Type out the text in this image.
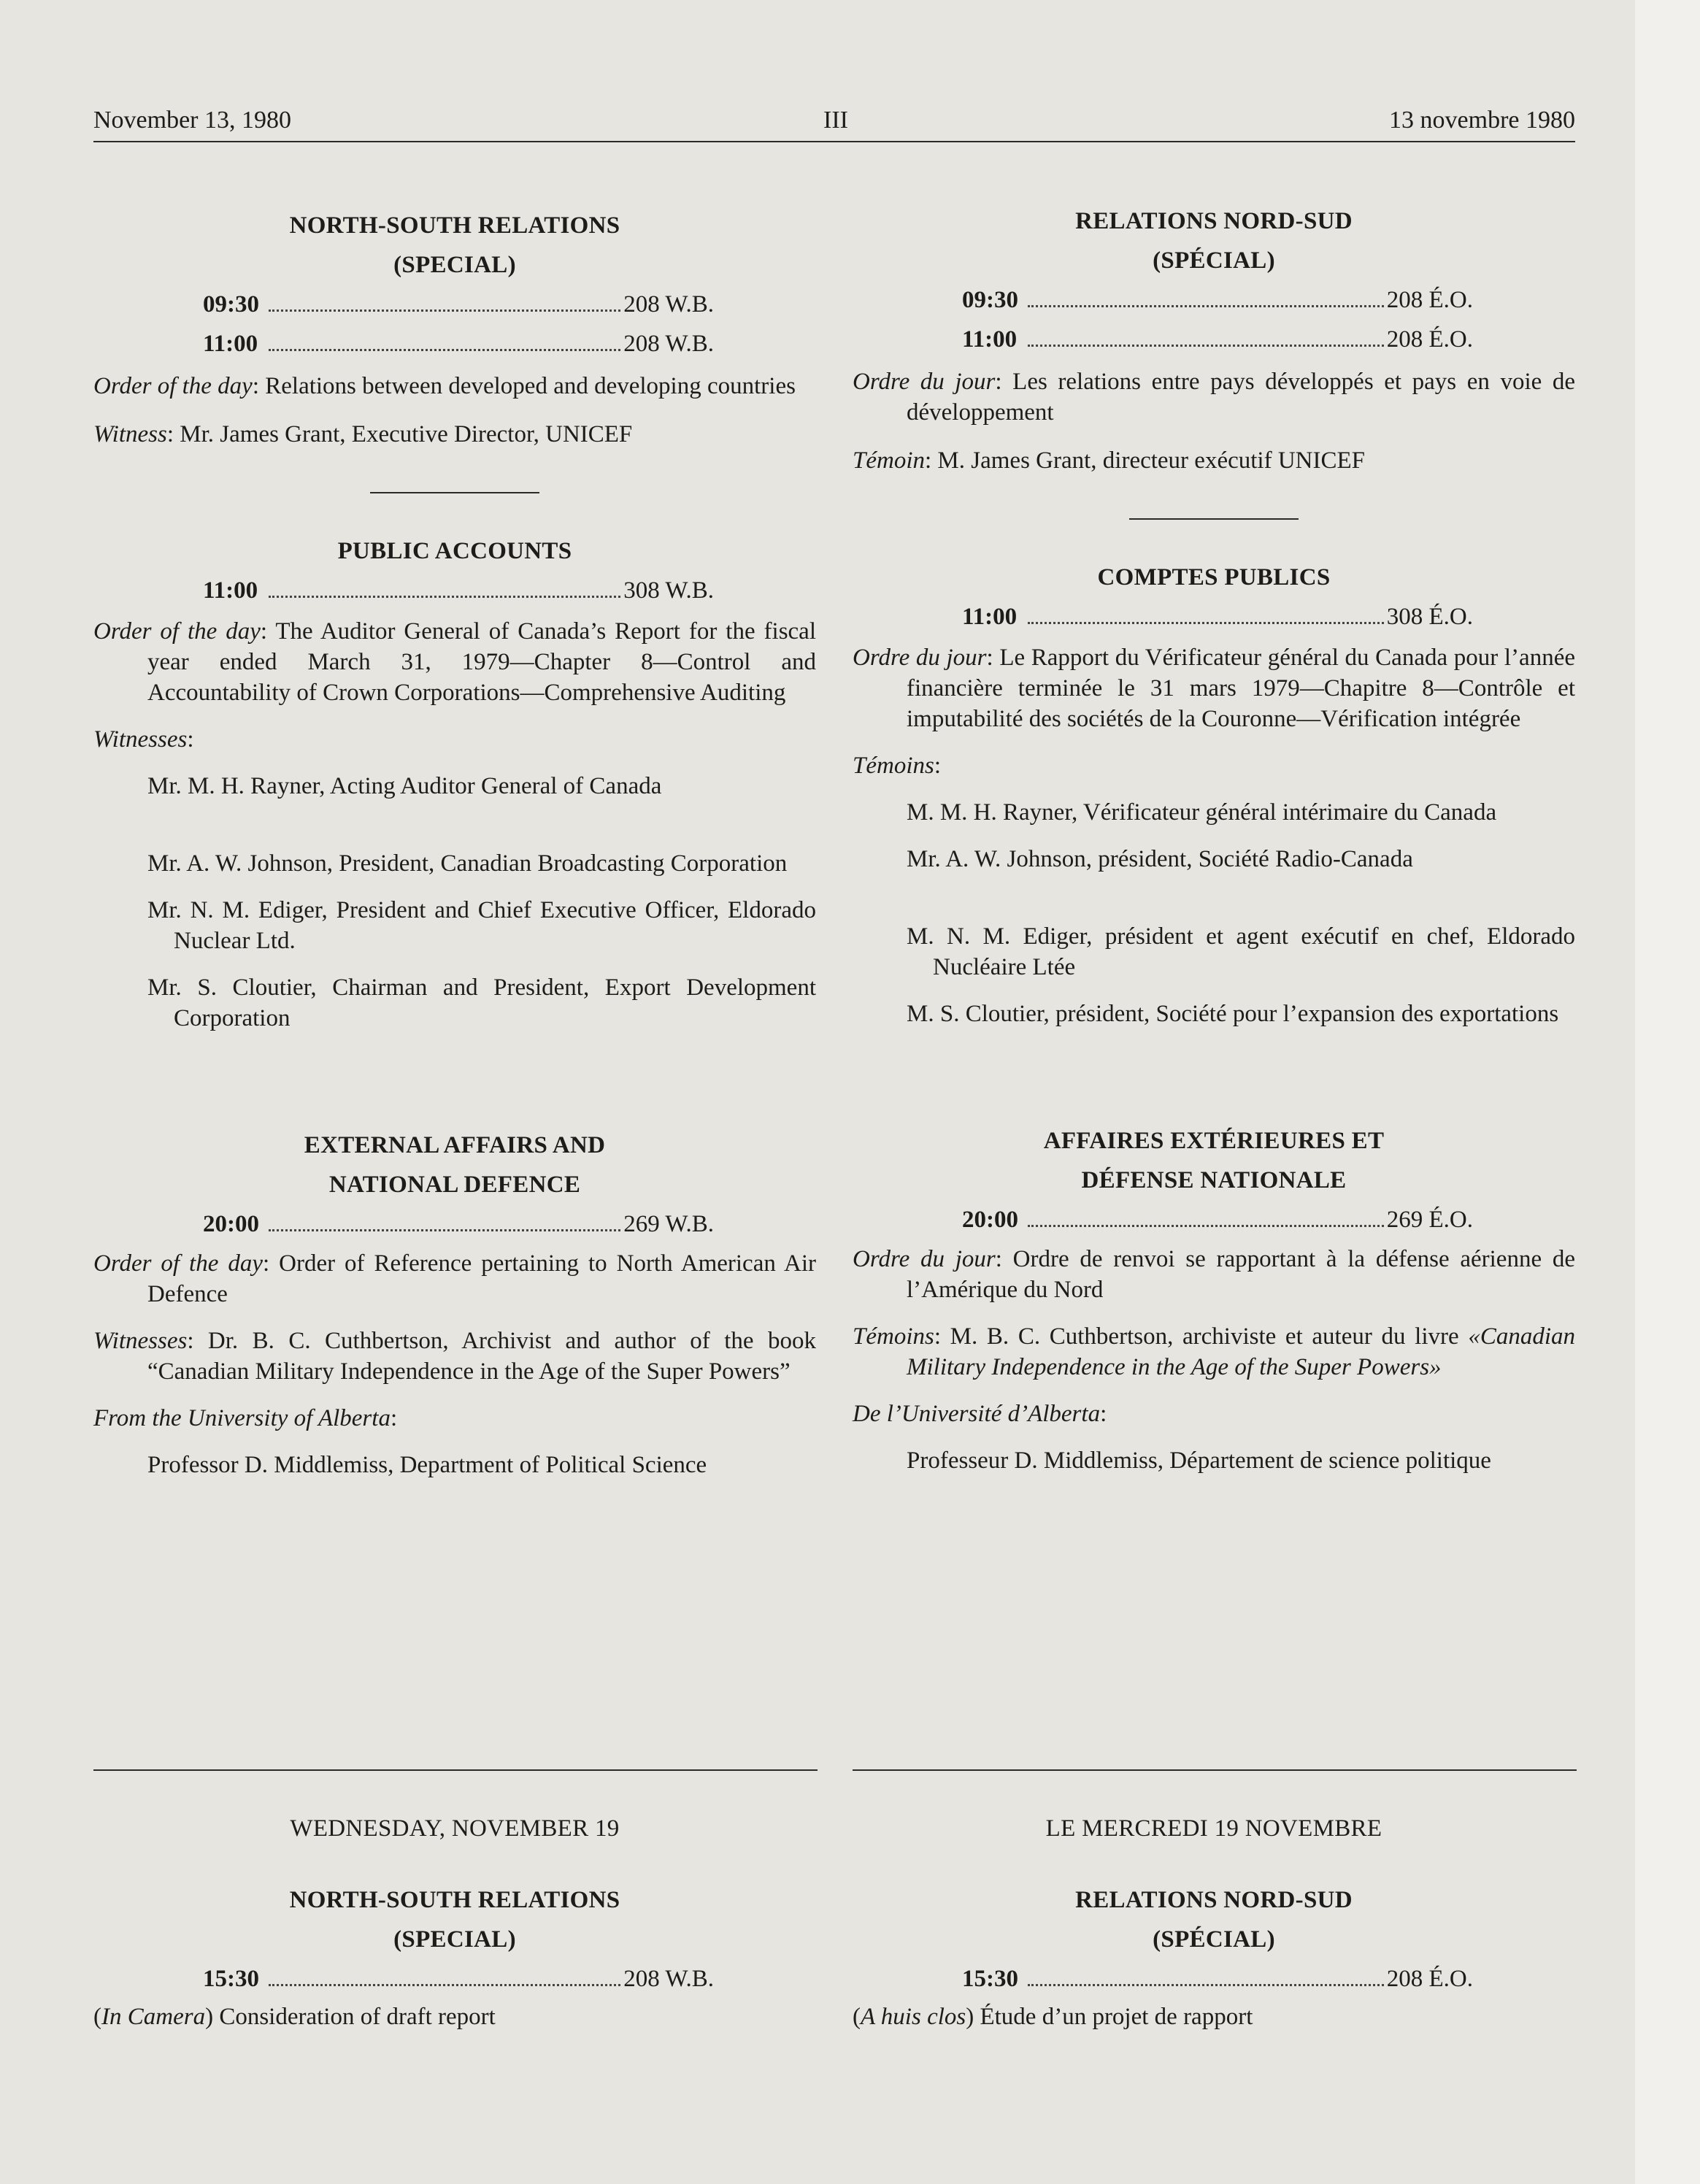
November 13, 1980	III	13 novembre 1980
NORTH-SOUTH RELATIONS
(SPECIAL)
09:30	208 W.B.
11:00	208 W.B.
Order of the day: Relations between developed and developing countries
Witness: Mr. James Grant, Executive Director, UNICEF
PUBLIC ACCOUNTS
11:00	308 W.B.
Order of the day: The Auditor General of Canada’s Report for the fiscal year ended March 31, 1979—Chapter 8—Control and Accountability of Crown Corporations—Comprehensive Auditing
Witnesses:
Mr. M. H. Rayner, Acting Auditor General of Canada
Mr. A. W. Johnson, President, Canadian Broadcasting Corporation
Mr. N. M. Ediger, President and Chief Executive Officer, Eldorado Nuclear Ltd.
Mr. S. Cloutier, Chairman and President, Export Development Corporation
EXTERNAL AFFAIRS AND
NATIONAL DEFENCE
20:00	269 W.B.
Order of the day: Order of Reference pertaining to North American Air Defence
Witnesses: Dr. B. C. Cuthbertson, Archivist and author of the book “Canadian Military Independence in the Age of the Super Powers”
From the University of Alberta:
Professor D. Middlemiss, Department of Political Science
RELATIONS NORD-SUD
(SPÉCIAL)
09:30	208 É.O.
11:00	208 É.O.
Ordre du jour: Les relations entre pays développés et pays en voie de développement
Témoin: M. James Grant, directeur exécutif UNICEF
COMPTES PUBLICS
11:00	308 É.O.
Ordre du jour: Le Rapport du Vérificateur général du Canada pour l’année financière terminée le 31 mars 1979—Chapitre 8—Contrôle et imputabilité des sociétés de la Couronne—Vérification intégrée
Témoins:
M. M. H. Rayner, Vérificateur général intérimaire du Canada
Mr. A. W. Johnson, président, Société Radio-Canada
M. N. M. Ediger, président et agent exécutif en chef, Eldorado Nucléaire Ltée
M. S. Cloutier, président, Société pour l’expansion des exportations
AFFAIRES EXTÉRIEURES ET
DÉFENSE NATIONALE
20:00	269 É.O.
Ordre du jour: Ordre de renvoi se rapportant à la défense aérienne de l’Amérique du Nord
Témoins: M. B. C. Cuthbertson, archiviste et auteur du livre «Canadian Military Independence in the Age of the Super Powers»
De l’Université d’Alberta:
Professeur D. Middlemiss, Département de science politique
WEDNESDAY, NOVEMBER 19
NORTH-SOUTH RELATIONS
(SPECIAL)
15:30	208 W.B.
(In Camera) Consideration of draft report
LE MERCREDI 19 NOVEMBRE
RELATIONS NORD-SUD
(SPÉCIAL)
15:30	208 É.O.
(A huis clos) Étude d’un projet de rapport
